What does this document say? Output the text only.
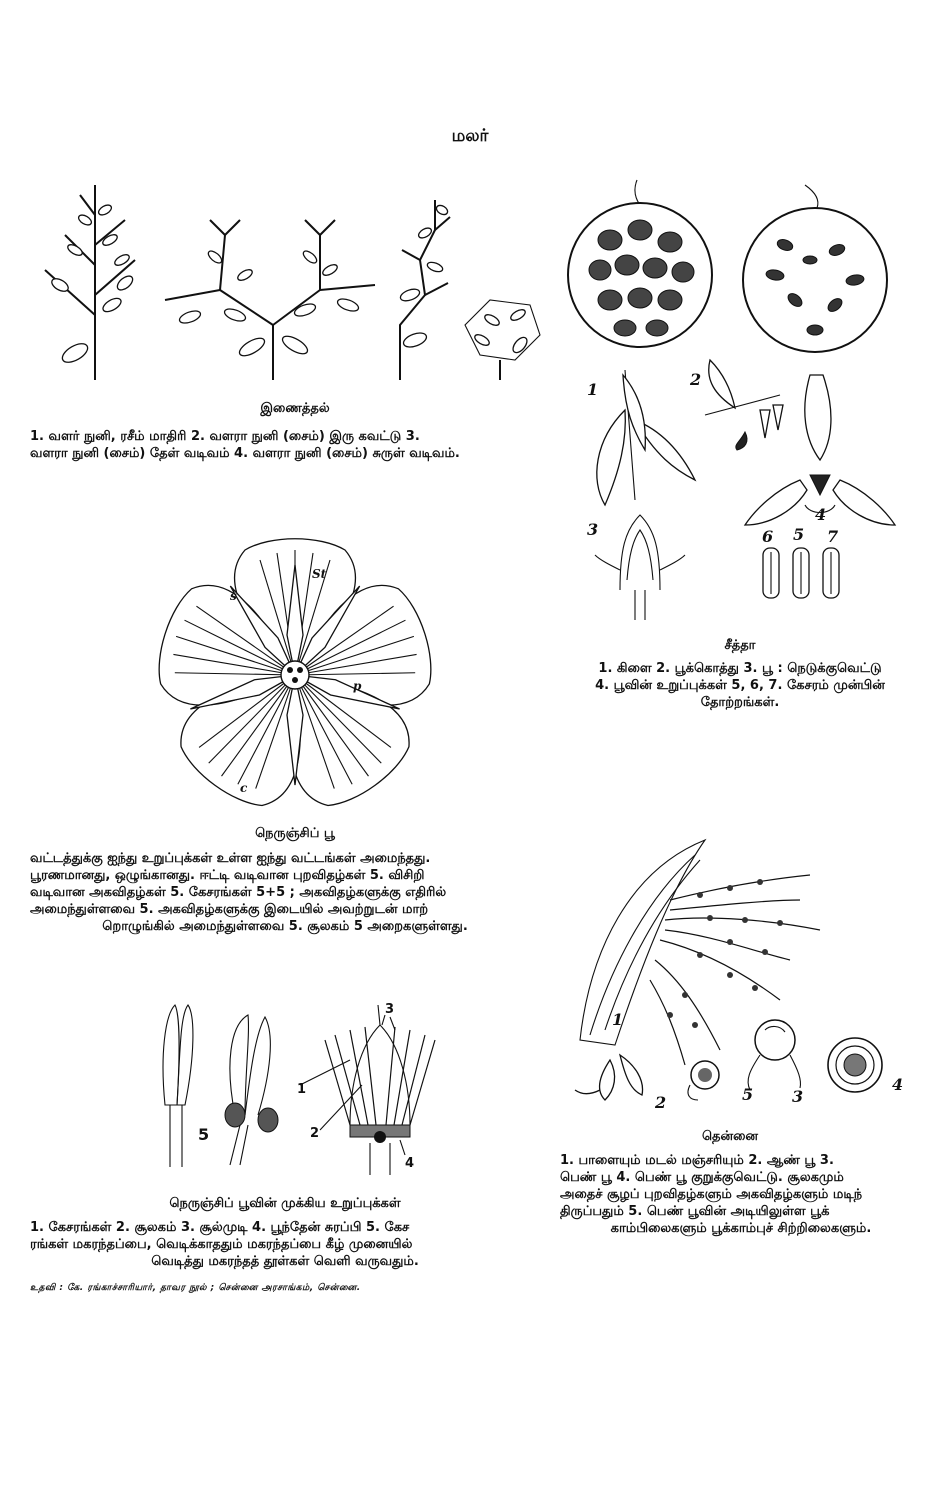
மலர்
இணைத்தல்
1. வளர் நுனி, ரசீம் மாதிரி 2. வளரா நுனி (சைம்) இரு கவட்டு 3.
வளரா நுனி (சைம்) தேள் வடிவம் 4. வளரா நுனி (சைம்) சுருள் வடிவம்.
1
2
3
4
5
6	7
சீத்தா
1. கிளை 2. பூக்கொத்து 3. பூ : நெடுக்குவெட்டு
4. பூவின் உறுப்புக்கள் 5, 6, 7. கேசரம் முன்பின்
தோற்றங்கள்.
St
s
p
c
நெருஞ்சிப் பூ
வட்டத்துக்கு ஐந்து உறுப்புக்கள் உள்ள ஐந்து வட்டங்கள் அமைந்தது.
பூரணமானது, ஒழுங்கானது. ஈட்டி வடிவான புறவிதழ்கள் 5. விசிறி
வடிவான அகவிதழ்கள் 5. கேசரங்கள் 5+5 ; அகவிதழ்களுக்கு எதிரில்
அமைந்துள்ளவை 5. அகவிதழ்களுக்கு இடையில் அவற்றுடன் மாற்
றொழுங்கில் அமைந்துள்ளவை 5. சூலகம் 5 அறைகளுள்ளது.
1
2	5 3
4
தென்னை
1. பாளையும் மடல் மஞ்சரியும் 2. ஆண் பூ 3.
பெண் பூ 4. பெண் பூ குறுக்குவெட்டு. சூலகமும்
அதைச் சூழப் புறவிதழ்களும் அகவிதழ்களும் மடிந்
திருப்பதும் 5. பெண் பூவின் அடியிலுள்ள பூக்
காம்பிலைகளும் பூக்காம்புச் சிற்றிலைகளும்.
5
3
1
2
4
நெருஞ்சிப் பூவின் முக்கிய உறுப்புக்கள்
1. கேசரங்கள் 2. சூலகம் 3. சூல்முடி 4. பூந்தேன் சுரப்பி 5. கேச
ரங்கள் மகரந்தப்பை, வெடிக்காததும் மகரந்தப்பை கீழ் முனையில்
வெடித்து மகரந்தத் தூள்கள் வெளி வருவதும்.
உதவி : கே. ரங்காச்சாரியார், தாவர நூல் ; சென்னை அரசாங்கம், சென்னை.
